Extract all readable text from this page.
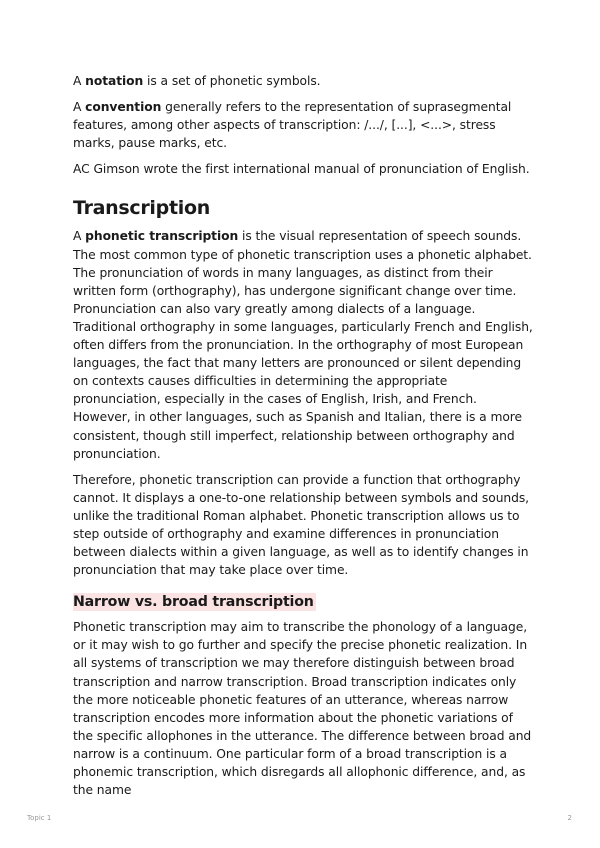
A notation is a set of phonetic symbols.

A convention generally refers to the representation of suprasegmental features, among other aspects of transcription: /.../, [...], <...>, stress marks, pause marks, etc.

AC Gimson wrote the first international manual of pronunciation of English.

Transcription

A phonetic transcription is the visual representation of speech sounds. The most common type of phonetic transcription uses a phonetic alphabet. The pronunciation of words in many languages, as distinct from their written form (orthography), has undergone significant change over time. Pronunciation can also vary greatly among dialects of a language. Traditional orthography in some languages, particularly French and English, often differs from the pronunciation. In the orthography of most European languages, the fact that many letters are pronounced or silent depending on contexts causes difficulties in determining the appropriate pronunciation, especially in the cases of English, Irish, and French. However, in other languages, such as Spanish and Italian, there is a more consistent, though still imperfect, relationship between orthography and pronunciation.

Therefore, phonetic transcription can provide a function that orthography cannot. It displays a one-to-one relationship between symbols and sounds, unlike the traditional Roman alphabet. Phonetic transcription allows us to step outside of orthography and examine differences in pronunciation between dialects within a given language, as well as to identify changes in pronunciation that may take place over time.

Narrow vs. broad transcription

Phonetic transcription may aim to transcribe the phonology of a language, or it may wish to go further and specify the precise phonetic realization. In all systems of transcription we may therefore distinguish between broad transcription and narrow transcription. Broad transcription indicates only the more noticeable phonetic features of an utterance, whereas narrow transcription encodes more information about the phonetic variations of the specific allophones in the utterance. The difference between broad and narrow is a continuum. One particular form of a broad transcription is a phonemic transcription, which disregards all allophonic difference, and, as the name

Topic 1	2
